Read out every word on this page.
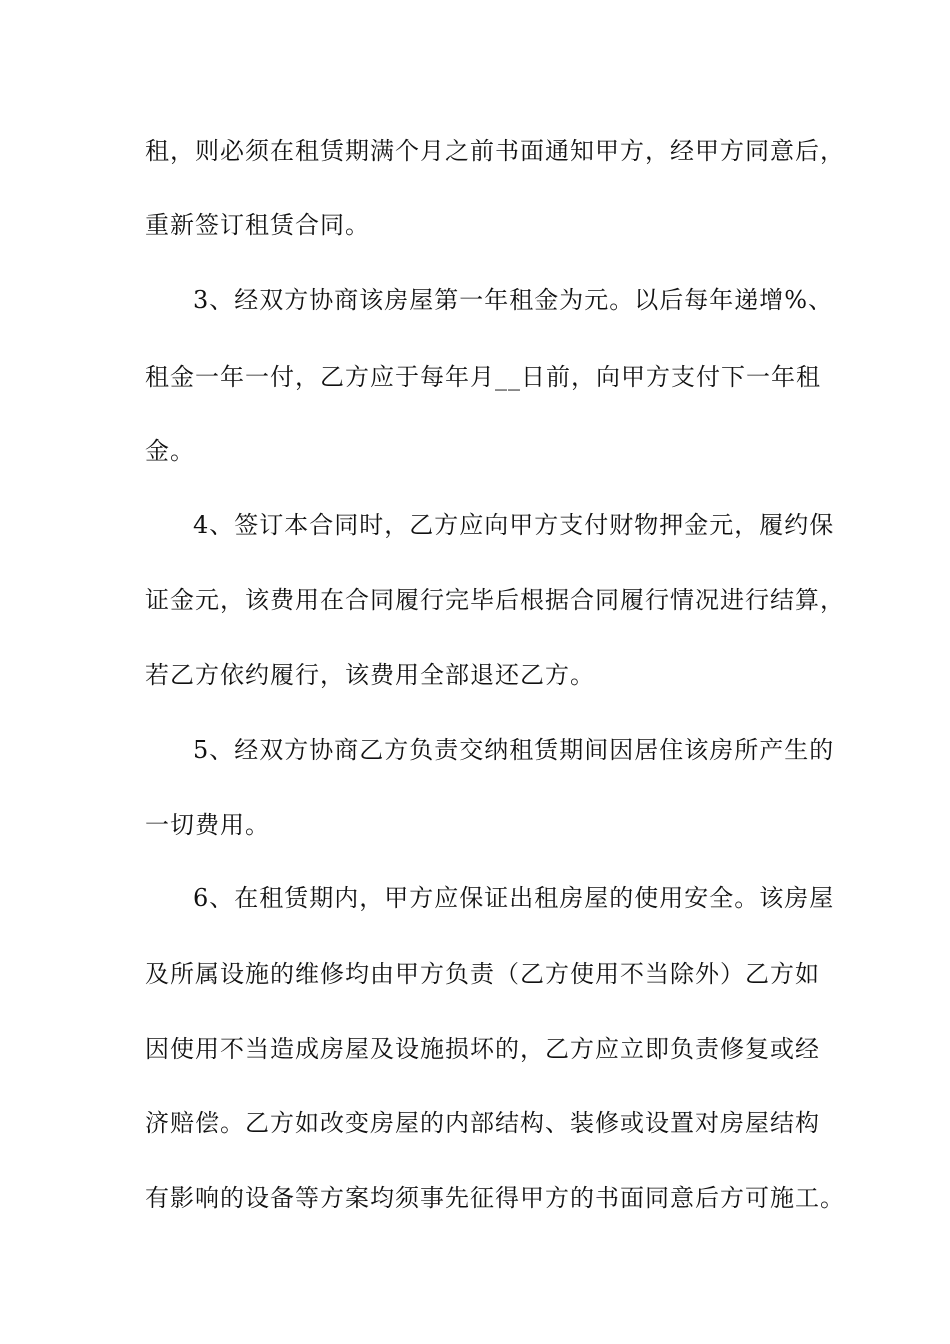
租，则必须在租赁期满个月之前书面通知甲方，经甲方同意后，

重新签订租赁合同。

3、经双方协商该房屋第一年租金为元。以后每年递增%、

租金一年一付，乙方应于每年月__日前，向甲方支付下一年租

金。

4、签订本合同时，乙方应向甲方支付财物押金元，履约保

证金元，该费用在合同履行完毕后根据合同履行情况进行结算，

若乙方依约履行，该费用全部退还乙方。

5、经双方协商乙方负责交纳租赁期间因居住该房所产生的

一切费用。

6、在租赁期内，甲方应保证出租房屋的使用安全。该房屋

及所属设施的维修均由甲方负责（乙方使用不当除外）乙方如

因使用不当造成房屋及设施损坏的，乙方应立即负责修复或经

济赔偿。乙方如改变房屋的内部结构、装修或设置对房屋结构

有影响的设备等方案均须事先征得甲方的书面同意后方可施工。
